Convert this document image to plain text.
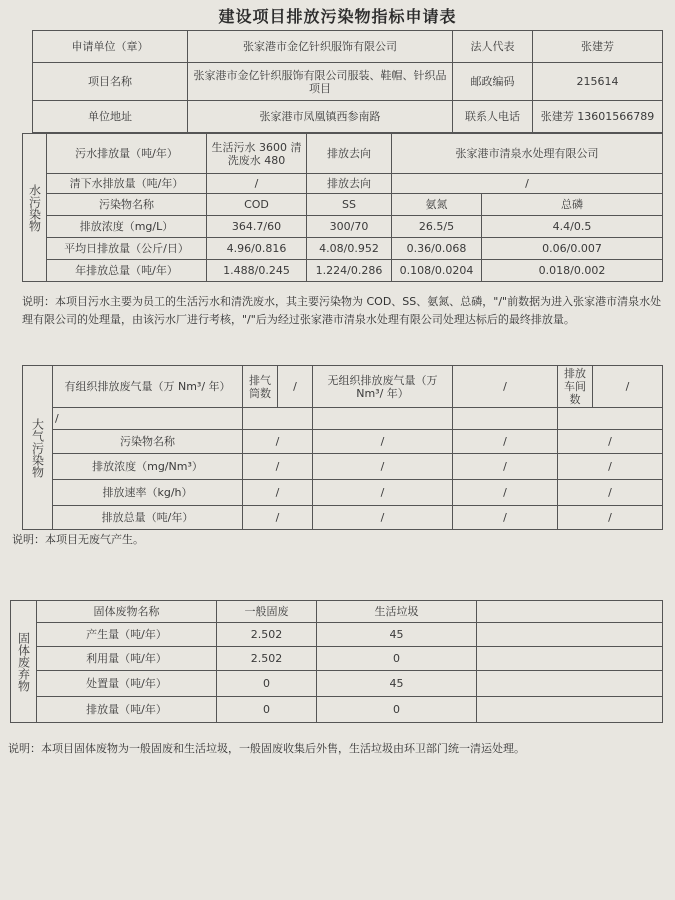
建设项目排放污染物指标申请表
申请单位（章）	张家港市金亿针织服饰有限公司	法人代表	张建芳
项目名称	张家港市金亿针织服饰有限公司服装、鞋帽、针织品项目	邮政编码	215614
单位地址	张家港市凤凰镇西参南路	联系人电话	张建芳 13601566789
水污染物	污水排放量（吨/年）	生活污水 3600 清洗废水 480	排放去向	张家港市清泉水处理有限公司	
	清下水排放量（吨/年）	/	排放去向	/	
	污染物名称	COD	SS	氨氮	总磷
	排放浓度（mg/L）	364.7/60	300/70	26.5/5	4.4/0.5
	平均日排放量（公斤/日）	4.96/0.816	4.08/0.952	0.36/0.068	0.06/0.007
	年排放总量（吨/年）	1.488/0.245	1.224/0.286	0.108/0.0204	0.018/0.002
说明：本项目污水主要为员工的生活污水和清洗废水，其主要污染物为 COD、SS、氨氮、总磷，"/"前数据为进入张家港市清泉水处理有限公司的处理量，由该污水厂进行考核，"/"后为经过张家港市清泉水处理有限公司处理达标后的最终排放量。
大气污染物	有组织排放废气量（万 Nm³/ 年）	排气筒数	/	无组织排放废气量（万 Nm³/ 年）	/	排放车间数	/
	/						
	污染物名称	/		/	/	/	
	排放浓度（mg/Nm³）	/		/	/	/	
	排放速率（kg/h）	/		/	/	/	
	排放总量（吨/年）	/		/	/	/	
说明：本项目无废气产生。
固体废弃物	固体废物名称	一般固废	生活垃圾	
	产生量（吨/年）	2.502	45	
	利用量（吨/年）	2.502	0	
	处置量（吨/年）	0	45	
	排放量（吨/年）	0	0	
说明：本项目固体废物为一般固废和生活垃圾，一般固废收集后外售，生活垃圾由环卫部门统一清运处理。
